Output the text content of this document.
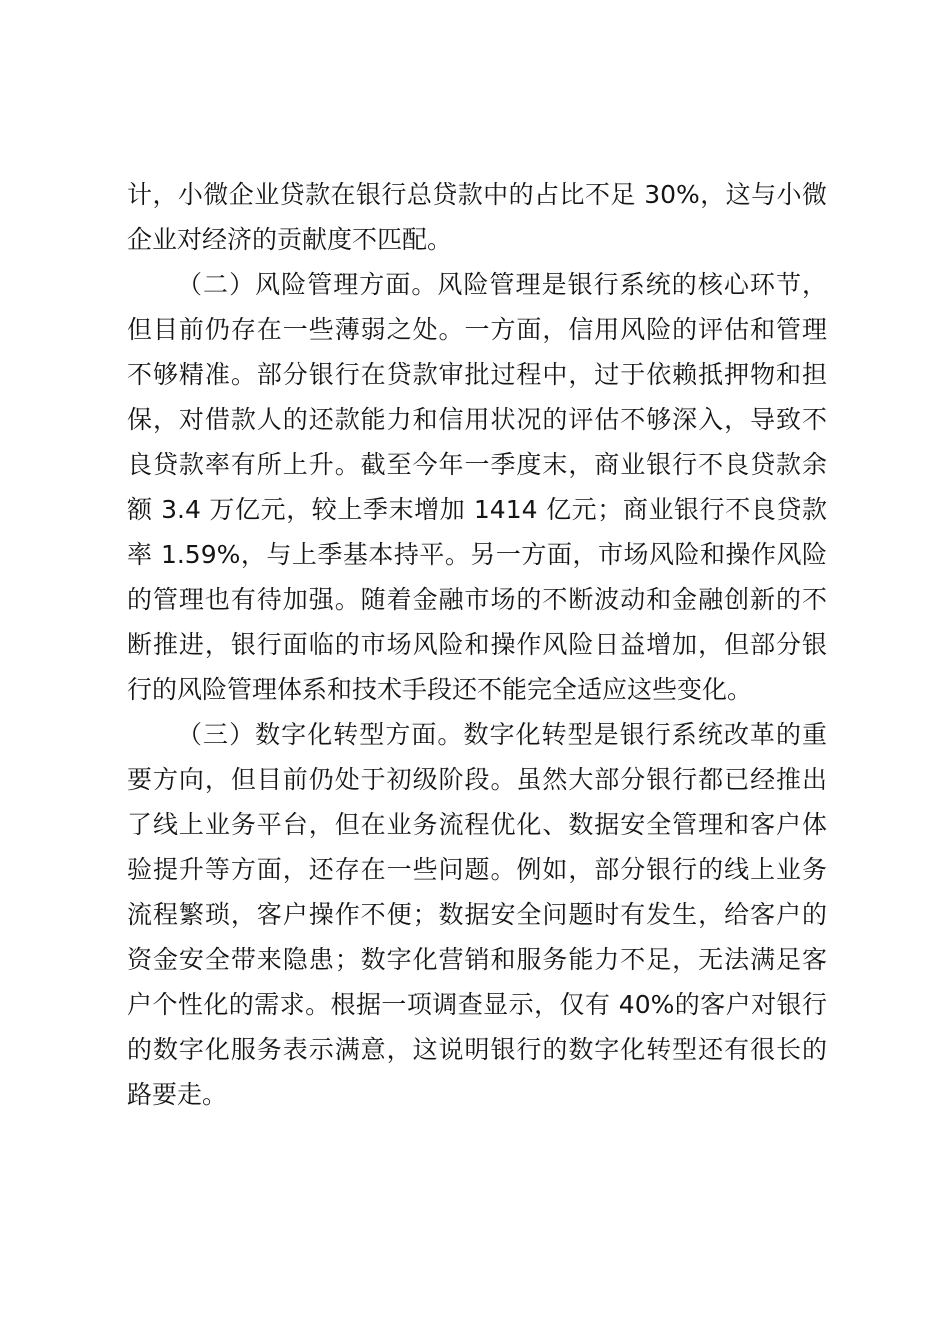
计，小微企业贷款在银行总贷款中的占比不足 30%，这与小微
企业对经济的贡献度不匹配。
（二）风险管理方面。风险管理是银行系统的核心环节，
但目前仍存在一些薄弱之处。一方面，信用风险的评估和管理
不够精准。部分银行在贷款审批过程中，过于依赖抵押物和担
保，对借款人的还款能力和信用状况的评估不够深入，导致不
良贷款率有所上升。截至今年一季度末，商业银行不良贷款余
额 3.4 万亿元，较上季末增加 1414 亿元；商业银行不良贷款
率 1.59%，与上季基本持平。另一方面，市场风险和操作风险
的管理也有待加强。随着金融市场的不断波动和金融创新的不
断推进，银行面临的市场风险和操作风险日益增加，但部分银
行的风险管理体系和技术手段还不能完全适应这些变化。
（三）数字化转型方面。数字化转型是银行系统改革的重
要方向，但目前仍处于初级阶段。虽然大部分银行都已经推出
了线上业务平台，但在业务流程优化、数据安全管理和客户体
验提升等方面，还存在一些问题。例如，部分银行的线上业务
流程繁琐，客户操作不便；数据安全问题时有发生，给客户的
资金安全带来隐患；数字化营销和服务能力不足，无法满足客
户个性化的需求。根据一项调查显示，仅有 40%的客户对银行
的数字化服务表示满意，这说明银行的数字化转型还有很长的
路要走。
